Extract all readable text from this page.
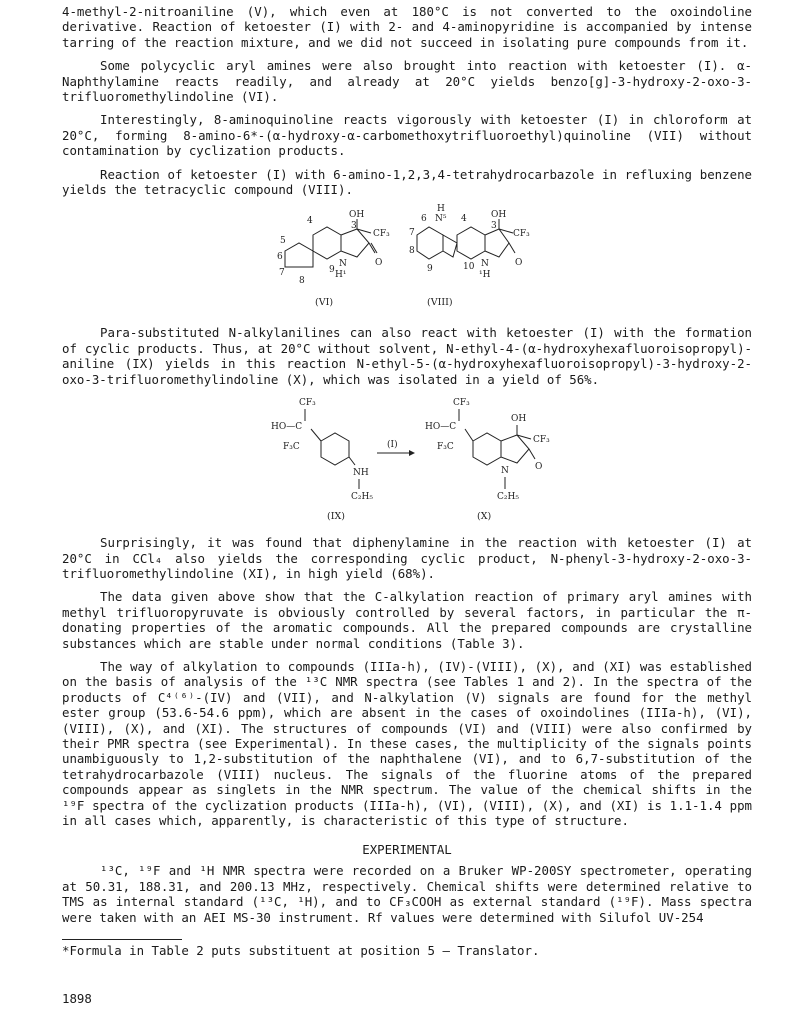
4-methyl-2-nitroaniline (V), which even at 180°C is not converted to the oxoindoline derivative. Reaction of ketoester (I) with 2- and 4-aminopyridine is accompanied by intense tarring of the reaction mixture, and we did not succeed in isolating pure compounds from it.

Some polycyclic aryl amines were also brought into reaction with ketoester (I). α-Naphthylamine reacts readily, and already at 20°C yields benzo[g]-3-hydroxy-2-oxo-3-trifluoromethylindoline (VI).

Interestingly, 8-aminoquinoline reacts vigorously with ketoester (I) in chloroform at 20°C, forming 8-amino-6*-(α-hydroxy-α-carbomethoxytrifluoroethyl)quinoline (VII) without contamination by cyclization products.

Reaction of ketoester (I) with 6-amino-1,2,3,4-tetrahydrocarbazole in refluxing benzene yields the tetracyclic compound (VIII).

OH
CF₃
N	O
H¹
3
4
5
6
7
8
9
(VI)
H
N⁵
6	4
7
8
9	10
3
OH
CF₃
N	O
¹H
(VIII)

Para-substituted N-alkylanilines can also react with ketoester (I) with the formation of cyclic products. Thus, at 20°C without solvent, N-ethyl-4-(α-hydroxyhexafluoroisopropyl)-aniline (IX) yields in this reaction N-ethyl-5-(α-hydroxyhexafluoroisopropyl)-3-hydroxy-2-oxo-3-trifluoromethylindoline (X), which was isolated in a yield of 56%.

CF₃
HO—C
F₃C
NH
C₂H₅
(IX)
(I)
CF₃
HO—C
F₃C
OH
CF₃
N	O
C₂H₅
(X)

Surprisingly, it was found that diphenylamine in the reaction with ketoester (I) at 20°C in CCl₄ also yields the corresponding cyclic product, N-phenyl-3-hydroxy-2-oxo-3-trifluoromethylindoline (XI), in high yield (68%).

The data given above show that the C-alkylation reaction of primary aryl amines with methyl trifluoropyruvate is obviously controlled by several factors, in particular the π-donating properties of the aromatic compounds. All the prepared compounds are crystalline substances which are stable under normal conditions (Table 3).

The way of alkylation to compounds (IIIa-h), (IV)-(VIII), (X), and (XI) was established on the basis of analysis of the ¹³C NMR spectra (see Tables 1 and 2). In the spectra of the products of C⁴⁽⁶⁾-(IV) and (VII), and N-alkylation (V) signals are found for the methyl ester group (53.6-54.6 ppm), which are absent in the cases of oxoindolines (IIIa-h), (VI), (VIII), (X), and (XI). The structures of compounds (VI) and (VIII) were also confirmed by their PMR spectra (see Experimental). In these cases, the multiplicity of the signals points unambiguously to 1,2-substitution of the naphthalene (VI), and to 6,7-substitution of the tetrahydrocarbazole (VIII) nucleus. The signals of the fluorine atoms of the prepared compounds appear as singlets in the NMR spectrum. The value of the chemical shifts in the ¹⁹F spectra of the cyclization products (IIIa-h), (VI), (VIII), (X), and (XI) is 1.1-1.4 ppm in all cases which, apparently, is characteristic of this type of structure.

EXPERIMENTAL

¹³C, ¹⁹F and ¹H NMR spectra were recorded on a Bruker WP-200SY spectrometer, operating at 50.31, 188.31, and 200.13 MHz, respectively. Chemical shifts were determined relative to TMS as internal standard (¹³C, ¹H), and to CF₃COOH as external standard (¹⁹F). Mass spectra were taken with an AEI MS-30 instrument. Rf values were determined with Silufol UV-254

*Formula in Table 2 puts substituent at position 5 — Translator.

1898
